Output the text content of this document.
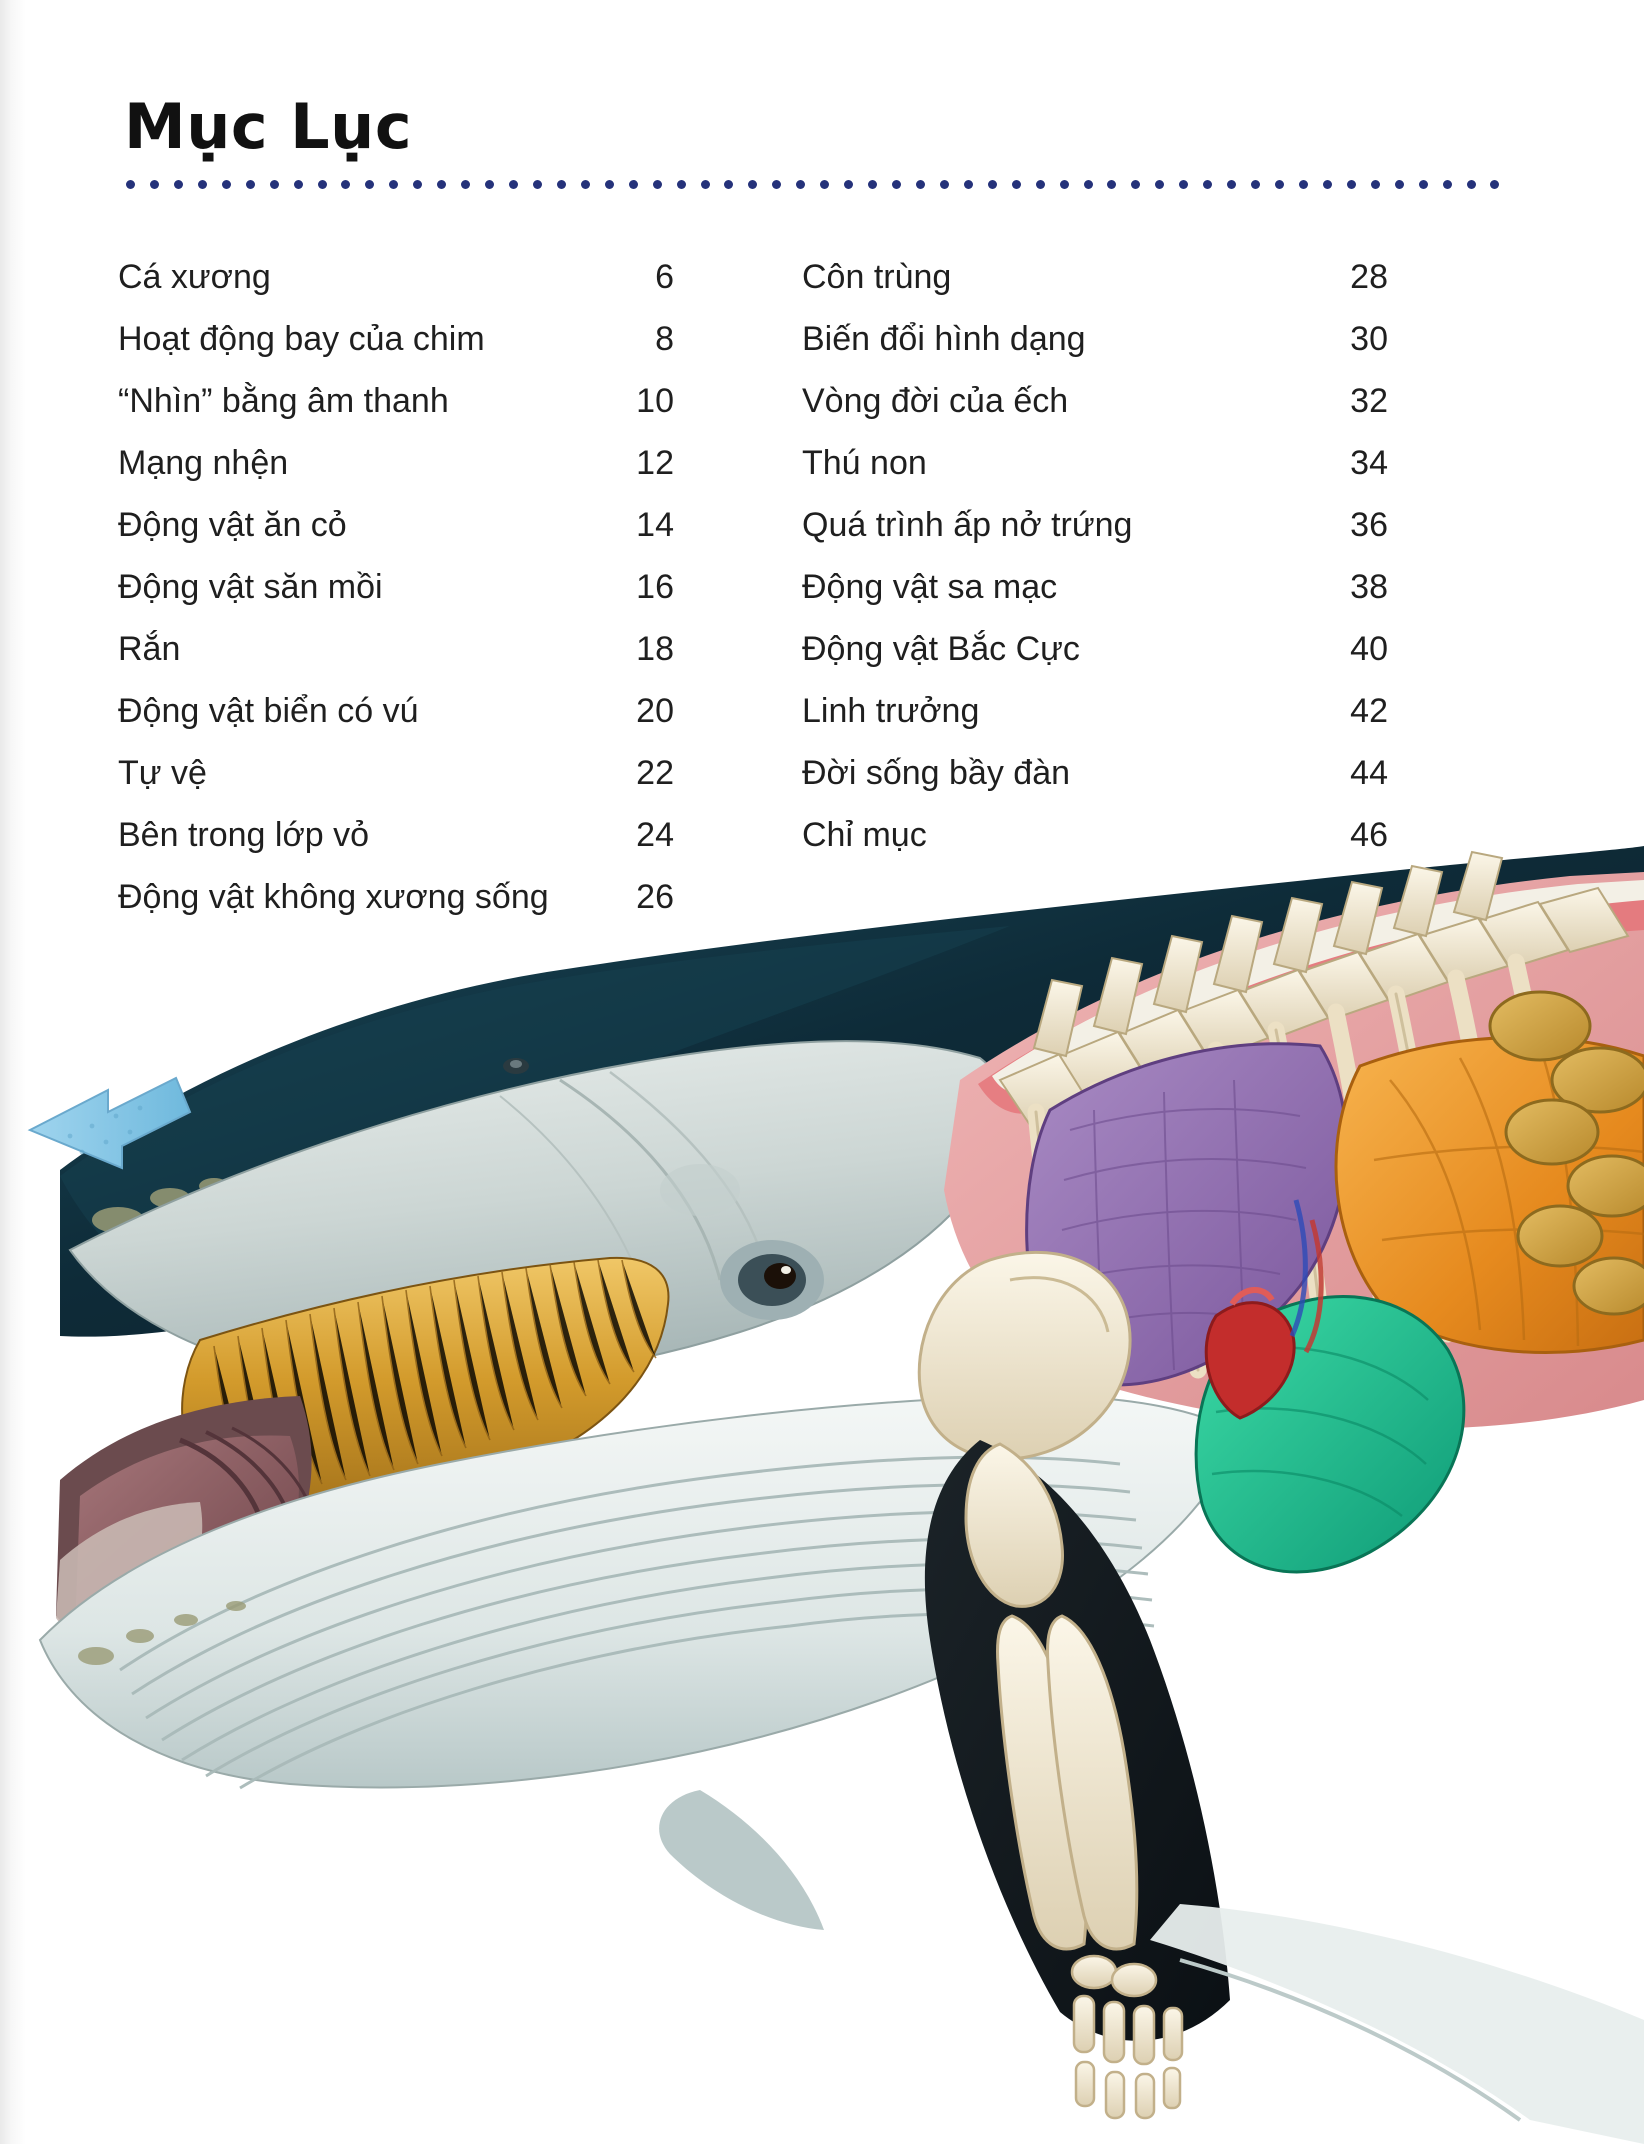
Mục Lục
Cá xương	6
Hoạt động bay của chim	8
“Nhìn” bằng âm thanh	10
Mạng nhện	12
Động vật ăn cỏ	14
Động vật săn mồi	16
Rắn	18
Động vật biển có vú	20
Tự vệ	22
Bên trong lớp vỏ	24
Động vật không xương sống	26
Côn trùng	28
Biến đổi hình dạng	30
Vòng đời của ếch	32
Thú non	34
Quá trình ấp nở trứng	36
Động vật sa mạc	38
Động vật Bắc Cực	40
Linh trưởng	42
Đời sống bầy đàn	44
Chỉ mục	46
